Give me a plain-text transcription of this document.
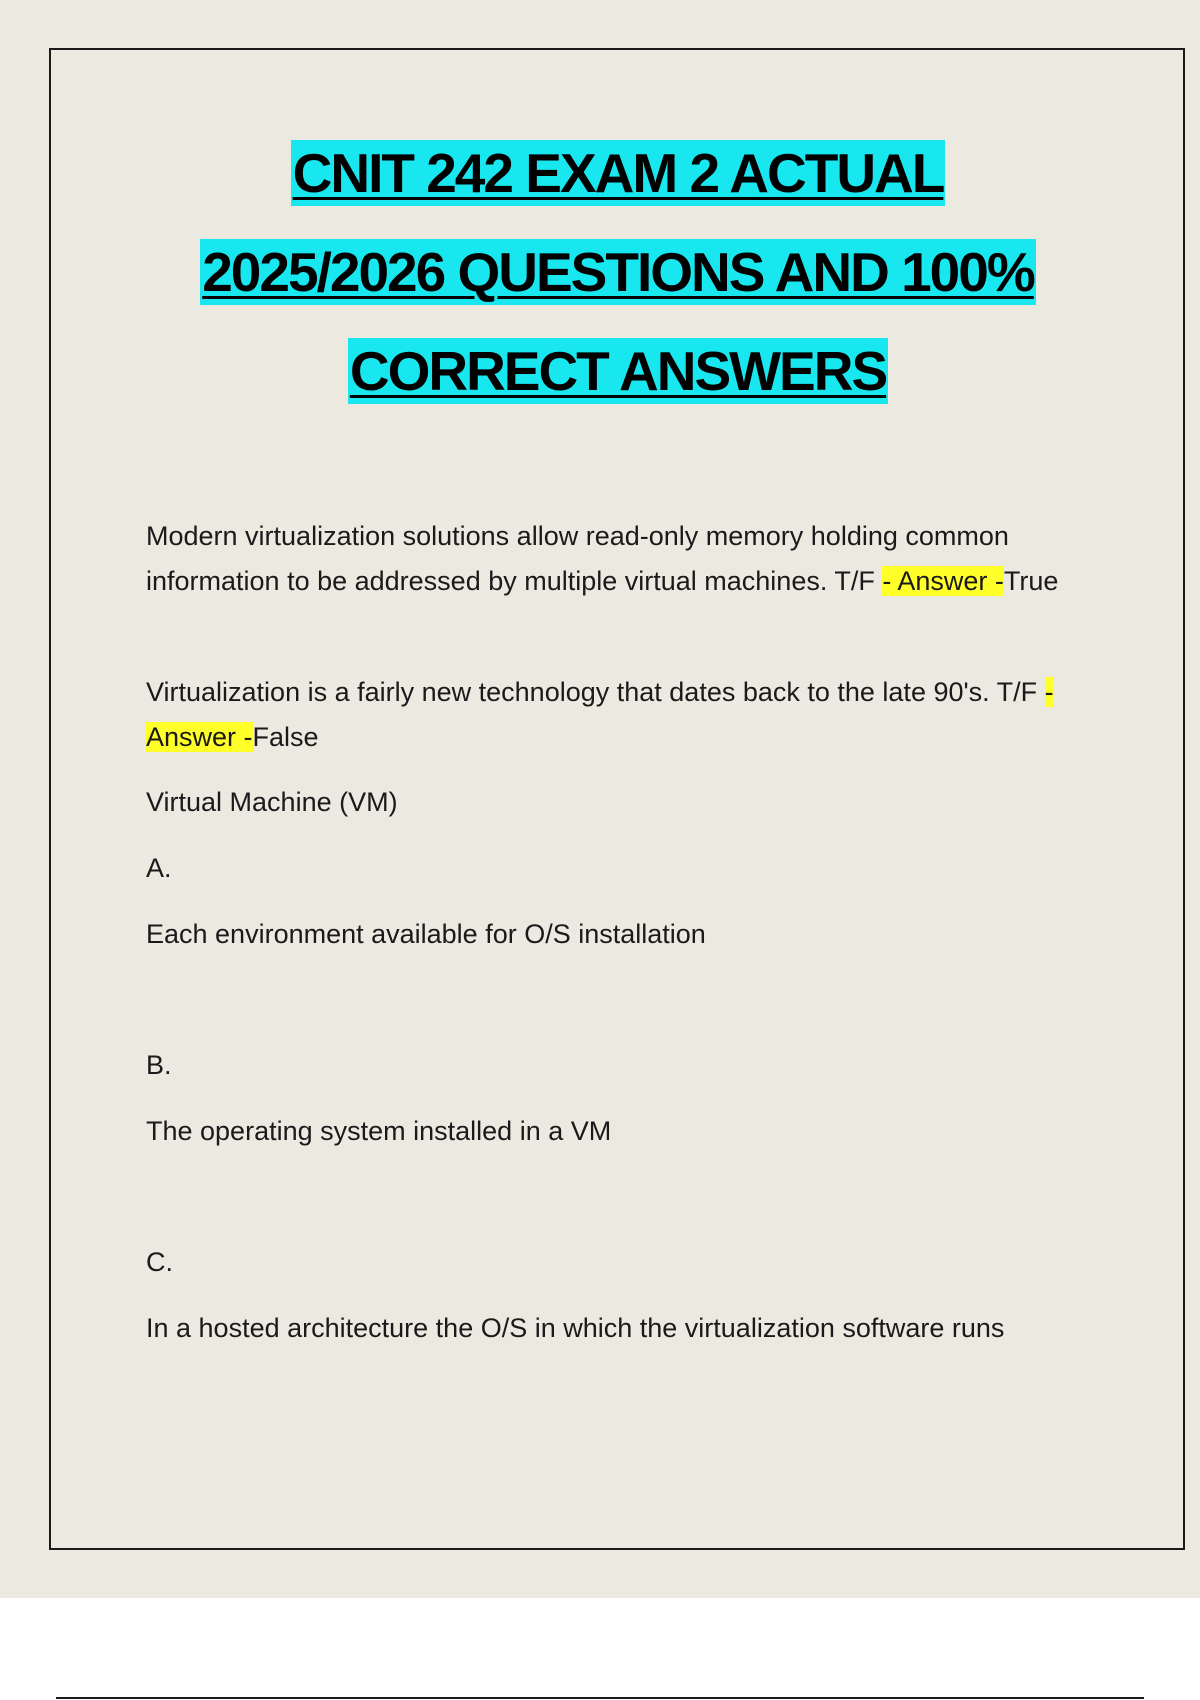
CNIT 242 EXAM 2 ACTUAL
2025/2026 QUESTIONS AND 100%
CORRECT ANSWERS
Modern virtualization solutions allow read-only memory holding common information to be addressed by multiple virtual machines. T/F - Answer -True
Virtualization is a fairly new technology that dates back to the late 90's. T/F - Answer -False
Virtual Machine (VM)
A.
Each environment available for O/S installation
B.
The operating system installed in a VM
C.
In a hosted architecture the O/S in which the virtualization software runs
